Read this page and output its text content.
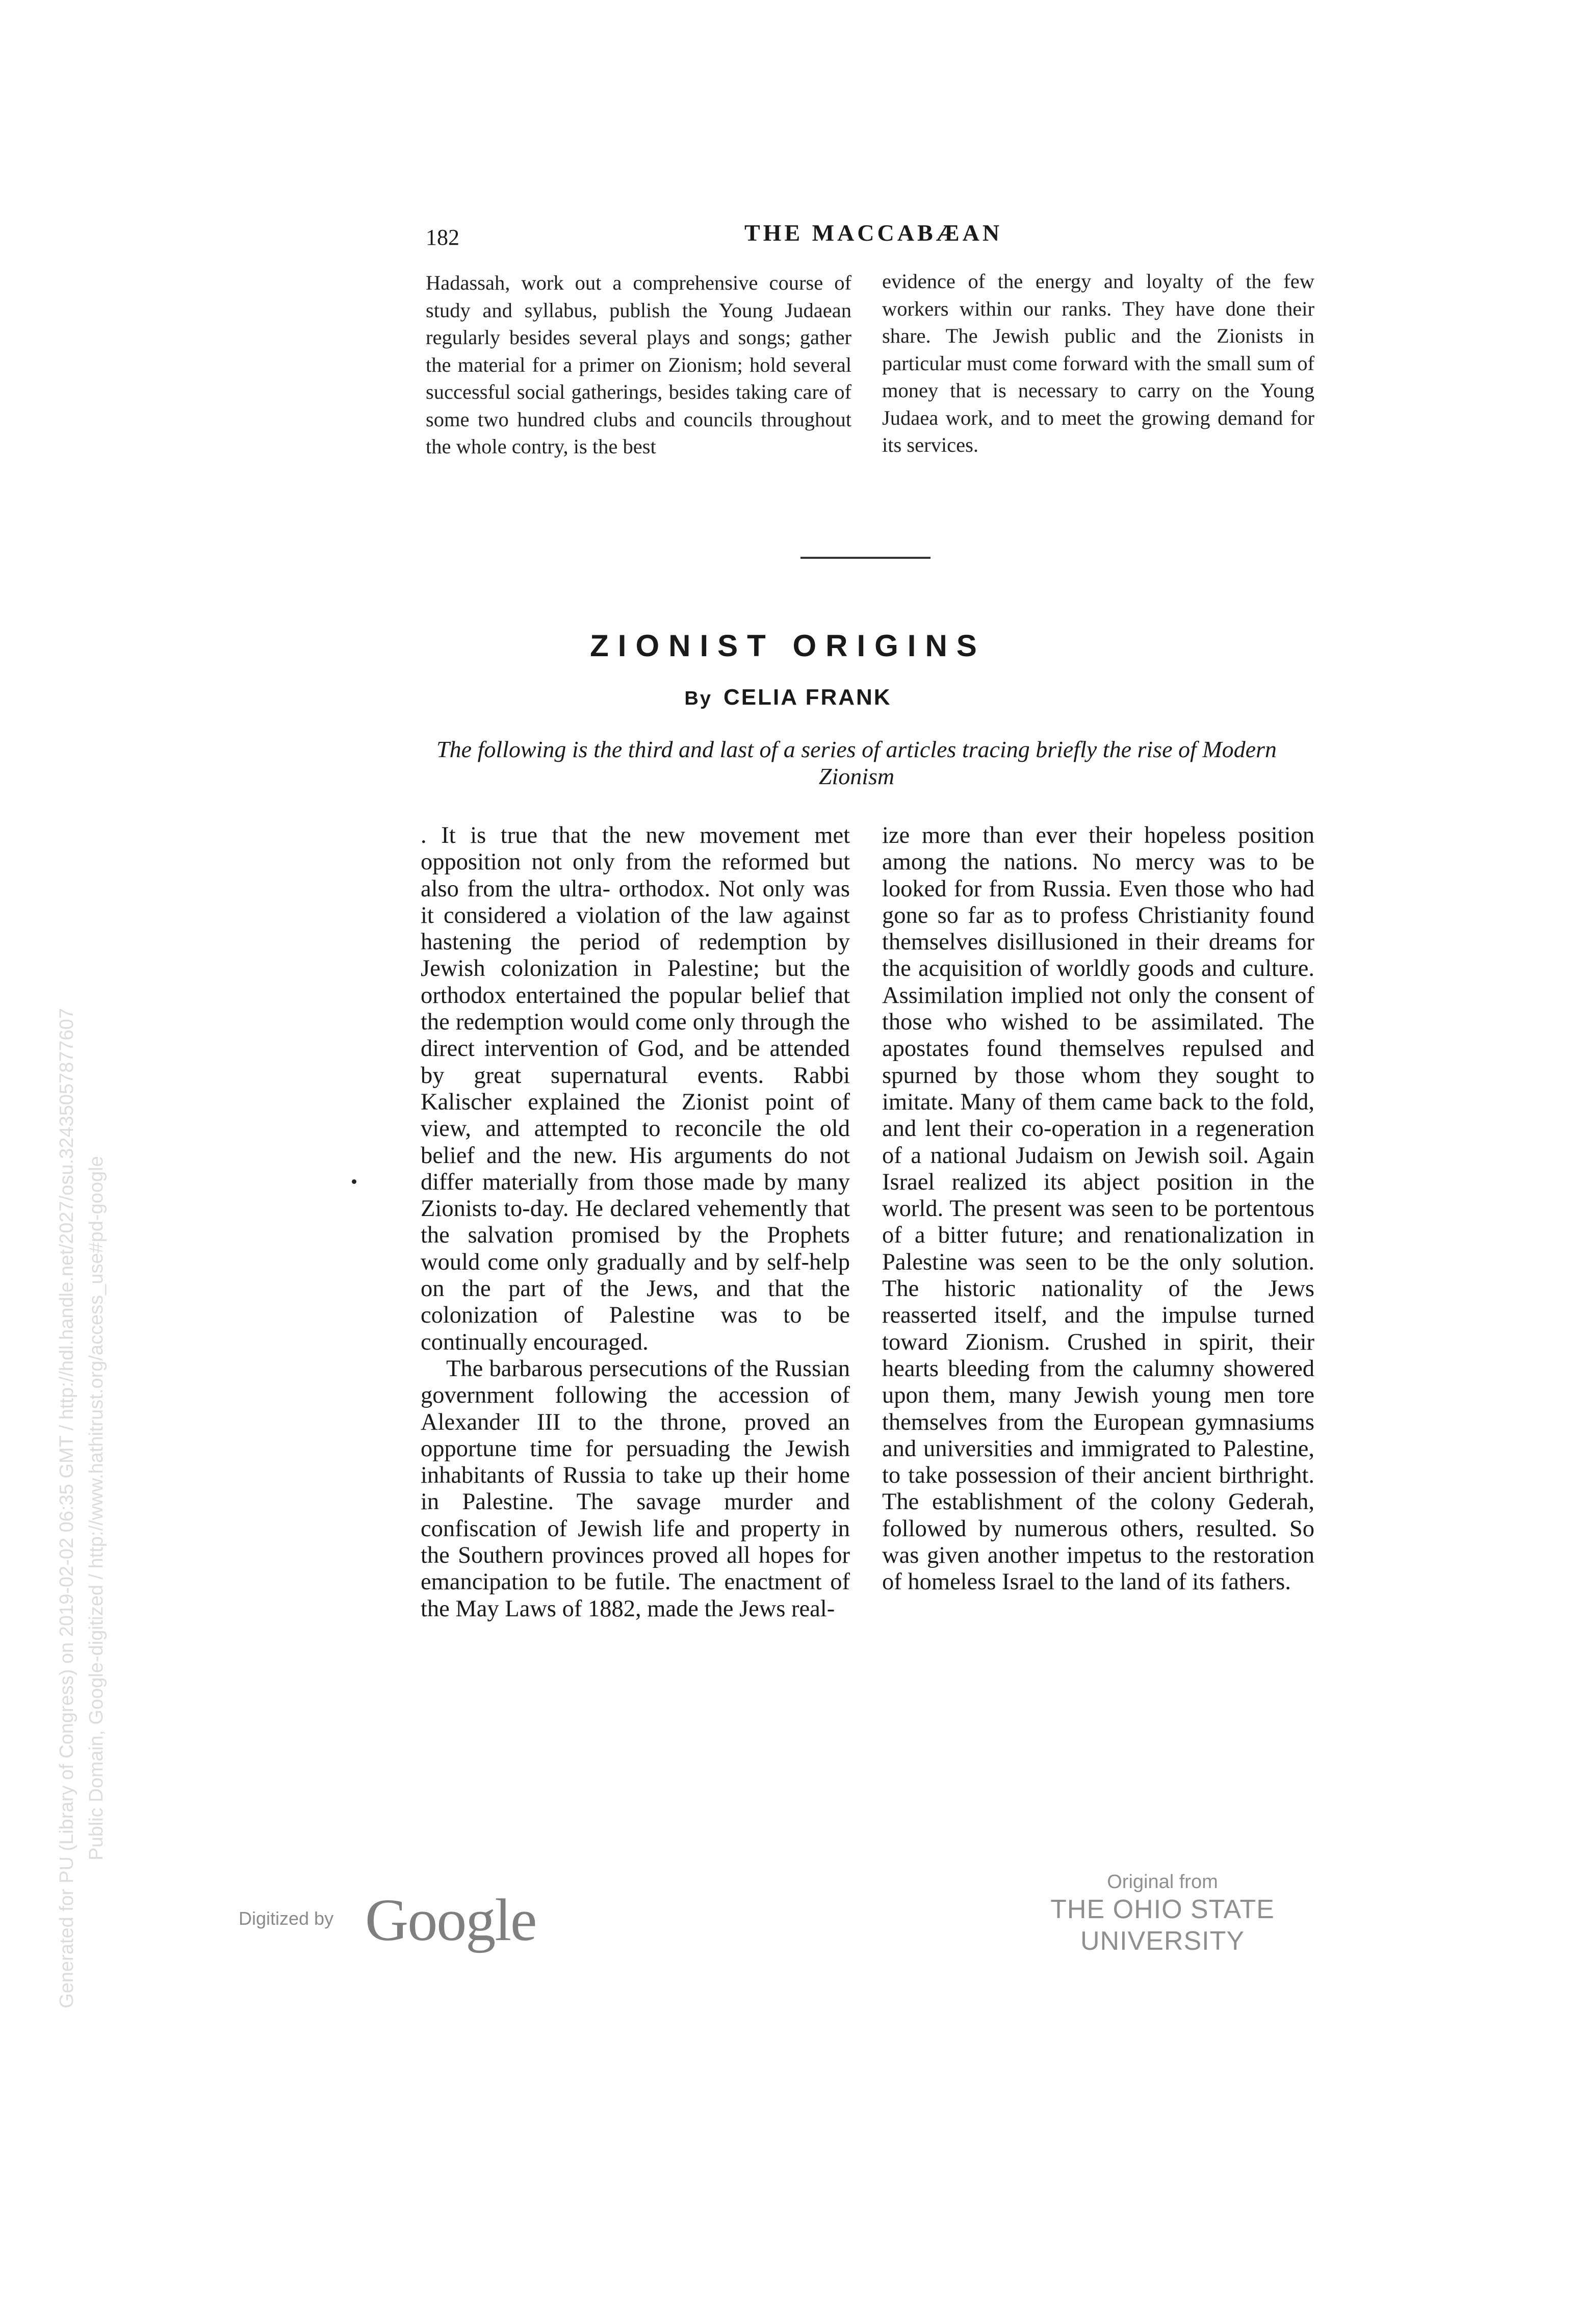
182	THE MACCABÆAN

Hadassah, work out a comprehensive course of study and syllabus, publish the Young Judaean regularly besides several plays and songs; gather the material for a primer on Zionism; hold several successful social gatherings, besides taking care of some two hundred clubs and councils throughout the whole contry, is the best

evidence of the energy and loyalty of the few workers within our ranks. They have done their share. The Jewish public and the Zionists in particular must come forward with the small sum of money that is necessary to carry on the Young Judaea work, and to meet the growing demand for its services.

ZIONIST ORIGINS
By CELIA FRANK
The following is the third and last of a series of articles tracing briefly the rise of Modern Zionism

. It is true that the new movement met opposition not only from the reformed but also from the ultra- orthodox. Not only was it considered a violation of the law against hastening the period of redemption by Jewish colonization in Palestine; but the orthodox entertained the popular belief that the redemption would come only through the direct intervention of God, and be attended by great supernatural events. Rabbi Kalischer explained the Zionist point of view, and attempted to reconcile the old belief and the new. His arguments do not differ materially from those made by many Zionists to-day. He declared vehemently that the salvation promised by the Prophets would come only gradually and by self-help on the part of the Jews, and that the colonization of Palestine was to be continually encouraged.

The barbarous persecutions of the Russian government following the accession of Alexander III to the throne, proved an opportune time for persuading the Jewish inhabitants of Russia to take up their home in Palestine. The savage murder and confiscation of Jewish life and property in the Southern provinces proved all hopes for emancipation to be futile. The enactment of the May Laws of 1882, made the Jews real-

ize more than ever their hopeless position among the nations. No mercy was to be looked for from Russia. Even those who had gone so far as to profess Christianity found themselves disillusioned in their dreams for the acquisition of worldly goods and culture. Assimilation implied not only the consent of those who wished to be assimilated. The apostates found themselves repulsed and spurned by those whom they sought to imitate. Many of them came back to the fold, and lent their co-operation in a regeneration of a national Judaism on Jewish soil. Again Israel realized its abject position in the world. The present was seen to be portentous of a bitter future; and renationalization in Palestine was seen to be the only solution. The historic nationality of the Jews reasserted itself, and the impulse turned toward Zionism. Crushed in spirit, their hearts bleeding from the calumny showered upon them, many Jewish young men tore themselves from the European gymnasiums and universities and immigrated to Palestine, to take possession of their ancient birthright. The establishment of the colony Gederah, followed by numerous others, resulted. So was given another impetus to the restoration of homeless Israel to the land of its fathers.

Digitized by Google
Original from
THE OHIO STATE UNIVERSITY
Generated for PU (Library of Congress) on 2019-02-02 06:35 GMT / http://hdl.handle.net/2027/osu.32435057877607 Public Domain, Google-digitized / http://www.hathitrust.org/access_use#pd-google
